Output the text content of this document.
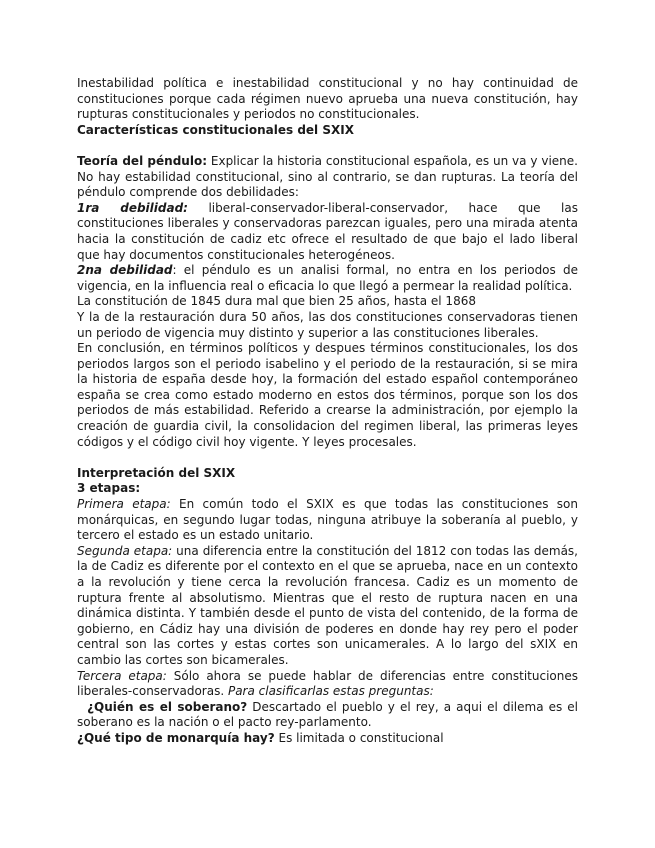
Inestabilidad política e inestabilidad constitucional y no hay continuidad de constituciones porque cada régimen nuevo aprueba una nueva constitución, hay rupturas constitucionales y periodos no constitucionales.

Características constitucionales del SXIX

Teoría del péndulo: Explicar la historia constitucional española, es un va y viene. No hay estabilidad constitucional, sino al contrario, se dan rupturas. La teoría del péndulo comprende dos debilidades:

1ra debilidad: liberal-conservador-liberal-conservador, hace que las constituciones liberales y conservadoras parezcan iguales, pero una mirada atenta hacia la constitución de cadiz etc ofrece el resultado de que bajo el lado liberal que hay documentos constitucionales heterogéneos.

2na debilidad: el péndulo es un analisi formal, no entra en los periodos de vigencia, en la influencia real o eficacia lo que llegó a permear la realidad política.

La constitución de 1845 dura mal que bien 25 años, hasta el 1868

Y la de la restauración dura 50 años, las dos constituciones conservadoras tienen un periodo de vigencia muy distinto y superior a las constituciones liberales.

En conclusión, en términos políticos y despues términos constitucionales, los dos periodos largos son el periodo isabelino y el periodo de la restauración, si se mira la historia de españa desde hoy, la formación del estado español contemporáneo españa se crea como estado moderno en estos dos términos, porque son los dos periodos de más estabilidad. Referido a crearse la administración, por ejemplo la creación de guardia civil, la consolidacion del regimen liberal, las primeras leyes códigos y el código civil hoy vigente. Y leyes procesales.

Interpretación del SXIX

3 etapas:

Primera etapa: En común todo el SXIX es que todas las constituciones son monárquicas, en segundo lugar todas, ninguna atribuye la soberanía al pueblo, y tercero el estado es un estado unitario.

Segunda etapa: una diferencia entre la constitución del 1812 con todas las demás, la de Cadiz es diferente por el contexto en el que se aprueba, nace en un contexto a la revolución y tiene cerca la revolución francesa. Cadiz es un momento de ruptura frente al absolutismo. Mientras que el resto de ruptura nacen en una dinámica distinta. Y también desde el punto de vista del contenido, de la forma de gobierno, en Cádiz hay una división de poderes en donde hay rey pero el poder central son las cortes y estas cortes son unicamerales. A lo largo del sXIX en cambio las cortes son bicamerales.

Tercera etapa: Sólo ahora se puede hablar de diferencias entre constituciones liberales-conservadoras. Para clasificarlas estas preguntas:

¿Quién es el soberano? Descartado el pueblo y el rey, a aqui el dilema es el soberano es la nación o el pacto rey-parlamento.

¿Qué tipo de monarquía hay? Es limitada o constitucional
